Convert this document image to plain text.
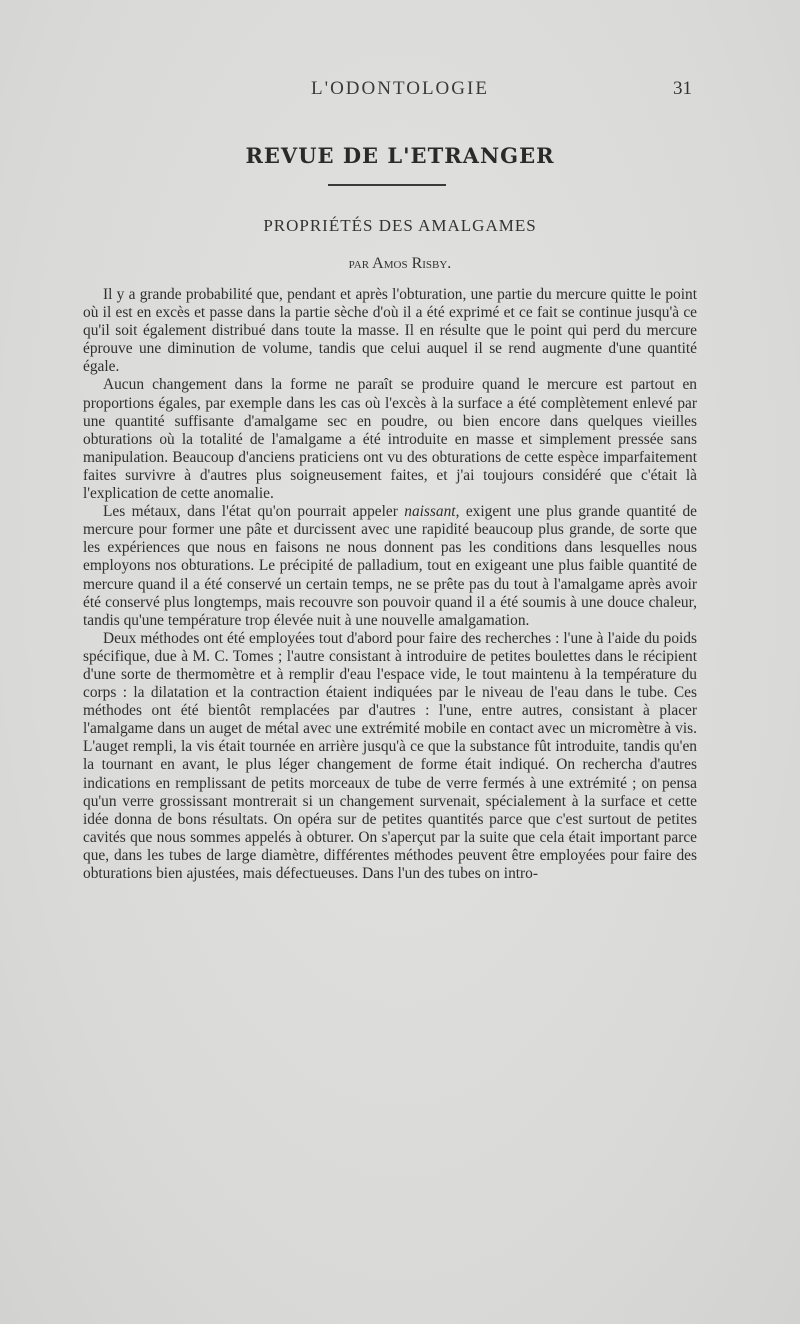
L'ODONTOLOGIE	31
REVUE DE L'ETRANGER
PROPRIÉTÉS DES AMALGAMES
par Amos Risby.

Il y a grande probabilité que, pendant et après l'obturation, une partie du mercure quitte le point où il est en excès et passe dans la partie sèche d'où il a été exprimé et ce fait se continue jusqu'à ce qu'il soit également distribué dans toute la masse. Il en résulte que le point qui perd du mercure éprouve une diminution de volume, tandis que celui auquel il se rend augmente d'une quantité égale.

Aucun changement dans la forme ne paraît se produire quand le mercure est partout en proportions égales, par exemple dans les cas où l'excès à la surface a été complètement enlevé par une quantité suffisante d'amalgame sec en poudre, ou bien encore dans quelques vieilles obturations où la totalité de l'amalgame a été introduite en masse et simplement pressée sans manipulation. Beaucoup d'anciens praticiens ont vu des obturations de cette espèce imparfaitement faites survivre à d'autres plus soigneusement faites, et j'ai toujours considéré que c'était là l'explication de cette anomalie.

Les métaux, dans l'état qu'on pourrait appeler naissant, exigent une plus grande quantité de mercure pour former une pâte et durcissent avec une rapidité beaucoup plus grande, de sorte que les expériences que nous en faisons ne nous donnent pas les conditions dans lesquelles nous employons nos obturations. Le précipité de palladium, tout en exigeant une plus faible quantité de mercure quand il a été conservé un certain temps, ne se prête pas du tout à l'amalgame après avoir été conservé plus longtemps, mais recouvre son pouvoir quand il a été soumis à une douce chaleur, tandis qu'une température trop élevée nuit à une nouvelle amalgamation.

Deux méthodes ont été employées tout d'abord pour faire des recherches : l'une à l'aide du poids spécifique, due à M. C. Tomes ; l'autre consistant à introduire de petites boulettes dans le récipient d'une sorte de thermomètre et à remplir d'eau l'espace vide, le tout maintenu à la température du corps : la dilatation et la contraction étaient indiquées par le niveau de l'eau dans le tube. Ces méthodes ont été bientôt remplacées par d'autres : l'une, entre autres, consistant à placer l'amalgame dans un auget de métal avec une extrémité mobile en contact avec un micromètre à vis. L'auget rempli, la vis était tournée en arrière jusqu'à ce que la substance fût introduite, tandis qu'en la tournant en avant, le plus léger changement de forme était indiqué. On rechercha d'autres indications en remplissant de petits morceaux de tube de verre fermés à une extrémité ; on pensa qu'un verre grossissant montrerait si un changement survenait, spécialement à la surface et cette idée donna de bons résultats. On opéra sur de petites quantités parce que c'est surtout de petites cavités que nous sommes appelés à obturer. On s'aperçut par la suite que cela était important parce que, dans les tubes de large diamètre, différentes méthodes peuvent être employées pour faire des obturations bien ajustées, mais défectueuses. Dans l'un des tubes on intro-
